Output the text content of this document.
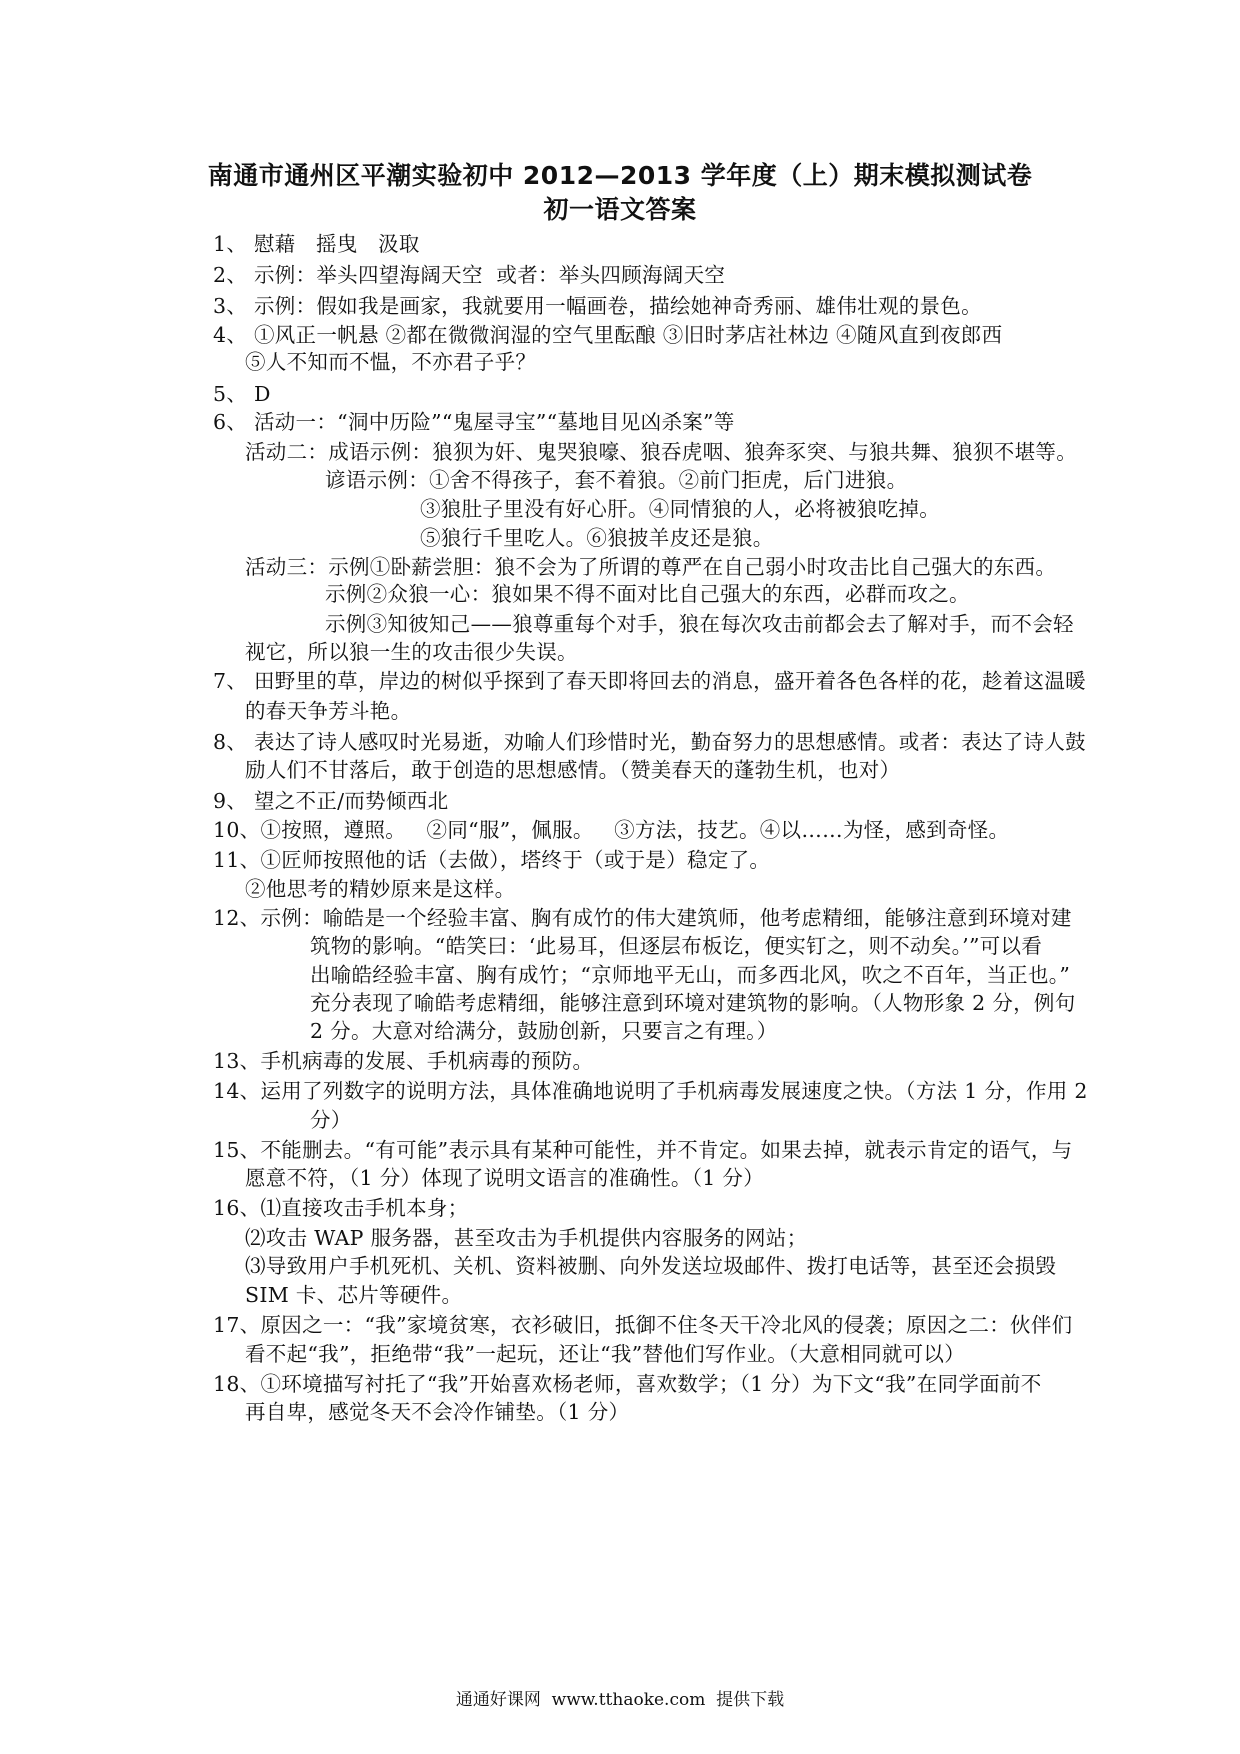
南通市通州区平潮实验初中 2012—2013 学年度（上）期末模拟测试卷
初一语文答案
1、 慰藉   摇曳   汲取
2、 示例：举头四望海阔天空  或者：举头四顾海阔天空
3、 示例：假如我是画家，我就要用一幅画卷，描绘她神奇秀丽、雄伟壮观的景色。
4、 ①风正一帆悬 ②都在微微润湿的空气里酝酿 ③旧时茅店社林边 ④随风直到夜郎西
⑤人不知而不愠，不亦君子乎？
5、 D
6、 活动一：“洞中历险”“鬼屋寻宝”“墓地目见凶杀案”等
活动二：成语示例：狼狈为奸、鬼哭狼嚎、狼吞虎咽、狼奔豕突、与狼共舞、狼狈不堪等。
谚语示例：①舍不得孩子，套不着狼。②前门拒虎，后门进狼。
③狼肚子里没有好心肝。④同情狼的人，必将被狼吃掉。
⑤狼行千里吃人。⑥狼披羊皮还是狼。
活动三：示例①卧薪尝胆：狼不会为了所谓的尊严在自己弱小时攻击比自己强大的东西。
示例②众狼一心：狼如果不得不面对比自己强大的东西，必群而攻之。
示例③知彼知己——狼尊重每个对手，狼在每次攻击前都会去了解对手，而不会轻
视它，所以狼一生的攻击很少失误。
7、 田野里的草，岸边的树似乎探到了春天即将回去的消息，盛开着各色各样的花，趁着这温暖
的春天争芳斗艳。
8、 表达了诗人感叹时光易逝，劝喻人们珍惜时光，勤奋努力的思想感情。或者：表达了诗人鼓
励人们不甘落后，敢于创造的思想感情。（赞美春天的蓬勃生机，也对）
9、 望之不正/而势倾西北
10、①按照，遵照。   ②同“服”，佩服。   ③方法，技艺。④以……为怪，感到奇怪。
11、①匠师按照他的话（去做），塔终于（或于是）稳定了。
②他思考的精妙原来是这样。
12、示例：喻皓是一个经验丰富、胸有成竹的伟大建筑师，他考虑精细，能够注意到环境对建
筑物的影响。“皓笑曰：‘此易耳，但逐层布板讫，便实钉之，则不动矣。’”可以看
出喻皓经验丰富、胸有成竹；“京师地平无山，而多西北风，吹之不百年，当正也。”
充分表现了喻皓考虑精细，能够注意到环境对建筑物的影响。（人物形象 2 分，例句
2 分。大意对给满分，鼓励创新，只要言之有理。）
13、手机病毒的发展、手机病毒的预防。
14、运用了列数字的说明方法，具体准确地说明了手机病毒发展速度之快。（方法 1 分，作用 2
分）
15、不能删去。“有可能”表示具有某种可能性，并不肯定。如果去掉，就表示肯定的语气，与
愿意不符，（1 分）体现了说明文语言的准确性。（1 分）
16、⑴直接攻击手机本身；
⑵攻击 WAP 服务器，甚至攻击为手机提供内容服务的网站；
⑶导致用户手机死机、关机、资料被删、向外发送垃圾邮件、拨打电话等，甚至还会损毁
SIM 卡、芯片等硬件。
17、原因之一：“我”家境贫寒，衣衫破旧，抵御不住冬天干冷北风的侵袭；原因之二：伙伴们
看不起“我”，拒绝带“我”一起玩，还让“我”替他们写作业。（大意相同就可以）
18、①环境描写衬托了“我”开始喜欢杨老师，喜欢数学；（1 分）为下文“我”在同学面前不
再自卑，感觉冬天不会冷作铺垫。（1 分）
通通好课网  www.tthaoke.com  提供下载
